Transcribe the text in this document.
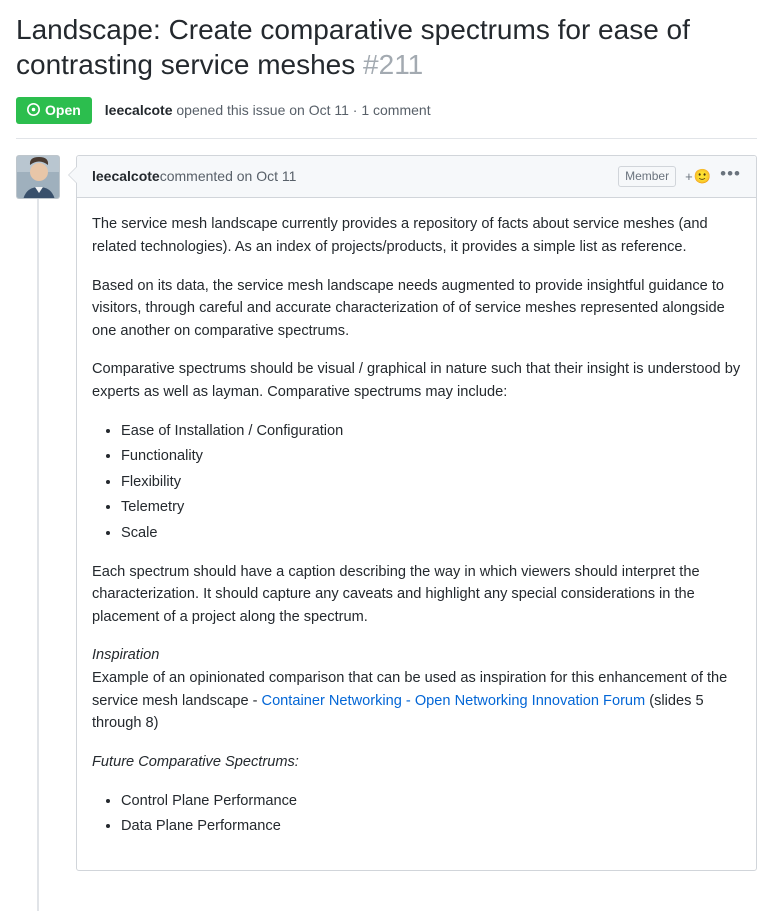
Landscape: Create comparative spectrums for ease of contrasting service meshes #211
Open leecalcote opened this issue on Oct 11 · 1 comment
leecalcote commented on Oct 11	Member	+ 🙂 •••

The service mesh landscape currently provides a repository of facts about service meshes (and related technologies). As an index of projects/products, it provides a simple list as reference.

Based on its data, the service mesh landscape needs augmented to provide insightful guidance to visitors, through careful and accurate characterization of of service meshes represented alongside one another on comparative spectrums.

Comparative spectrums should be visual / graphical in nature such that their insight is understood by experts as well as layman. Comparative spectrums may include:

• Ease of Installation / Configuration
• Functionality
• Flexibility
• Telemetry
• Scale

Each spectrum should have a caption describing the way in which viewers should interpret the characterization. It should capture any caveats and highlight any special considerations in the placement of a project along the spectrum.

Inspiration

Example of an opinionated comparison that can be used as inspiration for this enhancement of the service mesh landscape - Container Networking - Open Networking Innovation Forum (slides 5 through 8)

Future Comparative Spectrums:

• Control Plane Performance
• Data Plane Performance
